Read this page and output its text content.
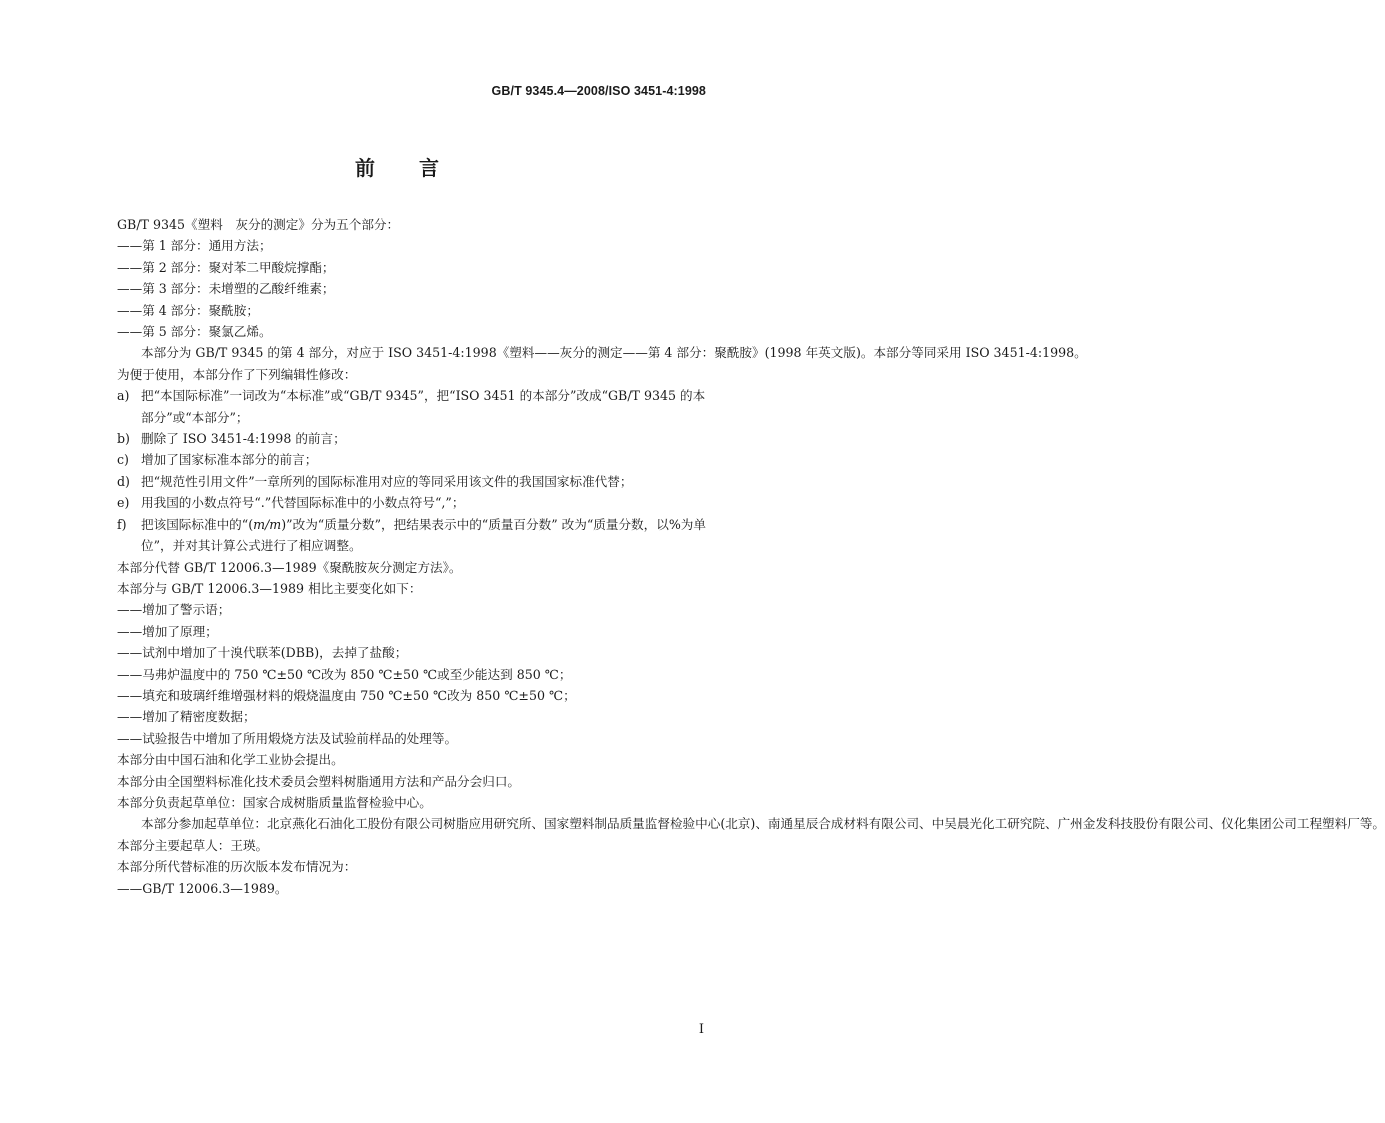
GB/T 9345.4—2008/ISO 3451-4:1998
前言

GB/T 9345《塑料　灰分的测定》分为五个部分：

——第 1 部分：通用方法；

——第 2 部分：聚对苯二甲酸烷撑酯；

——第 3 部分：未增塑的乙酸纤维素；

——第 4 部分：聚酰胺；

——第 5 部分：聚氯乙烯。

本部分为 GB/T 9345 的第 4 部分，对应于 ISO 3451-4:1998《塑料——灰分的测定——第 4 部分：聚酰胺》(1998 年英文版)。本部分等同采用 ISO 3451-4:1998。

为便于使用，本部分作了下列编辑性修改：

a) 把“本国际标准”一词改为“本标准”或“GB/T 9345”，把“ISO 3451 的本部分”改成“GB/T 9345 的本部分”或“本部分”；
b) 删除了 ISO 3451-4:1998 的前言；
c) 增加了国家标准本部分的前言；
d) 把“规范性引用文件”一章所列的国际标准用对应的等同采用该文件的我国国家标准代替；
e) 用我国的小数点符号“.”代替国际标准中的小数点符号“,”；
f)	把该国际标准中的“(m/m)”改为“质量分数”，把结果表示中的“质量百分数” 改为“质量分数，以%为单位”，并对其计算公式进行了相应调整。

本部分代替 GB/T 12006.3—1989《聚酰胺灰分测定方法》。

本部分与 GB/T 12006.3—1989 相比主要变化如下：

——增加了警示语；

——增加了原理；

——试剂中增加了十溴代联苯(DBB)，去掉了盐酸；

——马弗炉温度中的 750 ℃±50 ℃改为 850 ℃±50 ℃或至少能达到 850 ℃；

——填充和玻璃纤维增强材料的煅烧温度由 750 ℃±50 ℃改为 850 ℃±50 ℃；

——增加了精密度数据；

——试验报告中增加了所用煅烧方法及试验前样品的处理等。

本部分由中国石油和化学工业协会提出。

本部分由全国塑料标准化技术委员会塑料树脂通用方法和产品分会归口。

本部分负责起草单位：国家合成树脂质量监督检验中心。

本部分参加起草单位：北京燕化石油化工股份有限公司树脂应用研究所、国家塑料制品质量监督检验中心(北京)、南通星辰合成材料有限公司、中吴晨光化工研究院、广州金发科技股份有限公司、仪化集团公司工程塑料厂等。

本部分主要起草人：王瑛。

本部分所代替标准的历次版本发布情况为：

——GB/T 12006.3—1989。

I
